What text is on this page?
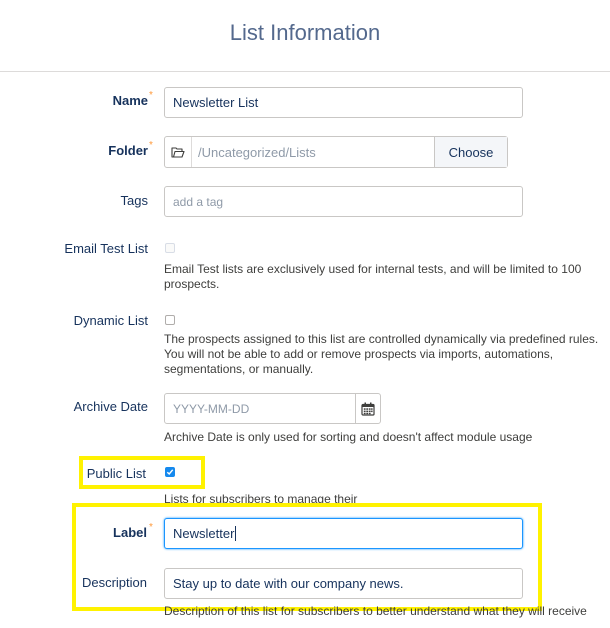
List Information
Name *	Newsletter List
Folder *	/Uncategorized/Lists	Choose
Tags	add a tag
Email Test List
Email Test lists are exclusively used for internal tests, and will be limited to 100 prospects.
Dynamic List
The prospects assigned to this list are controlled dynamically via predefined rules. You will not be able to add or remove prospects via imports, automations, segmentations, or manually.
Archive Date	YYYY-MM-DD
Archive Date is only used for sorting and doesn't affect module usage
Public List
Lists for subscribers to manage their
Label * Newsletter
Description	Stay up to date with our company news.
Description of this list for subscribers to better understand what they will receive
